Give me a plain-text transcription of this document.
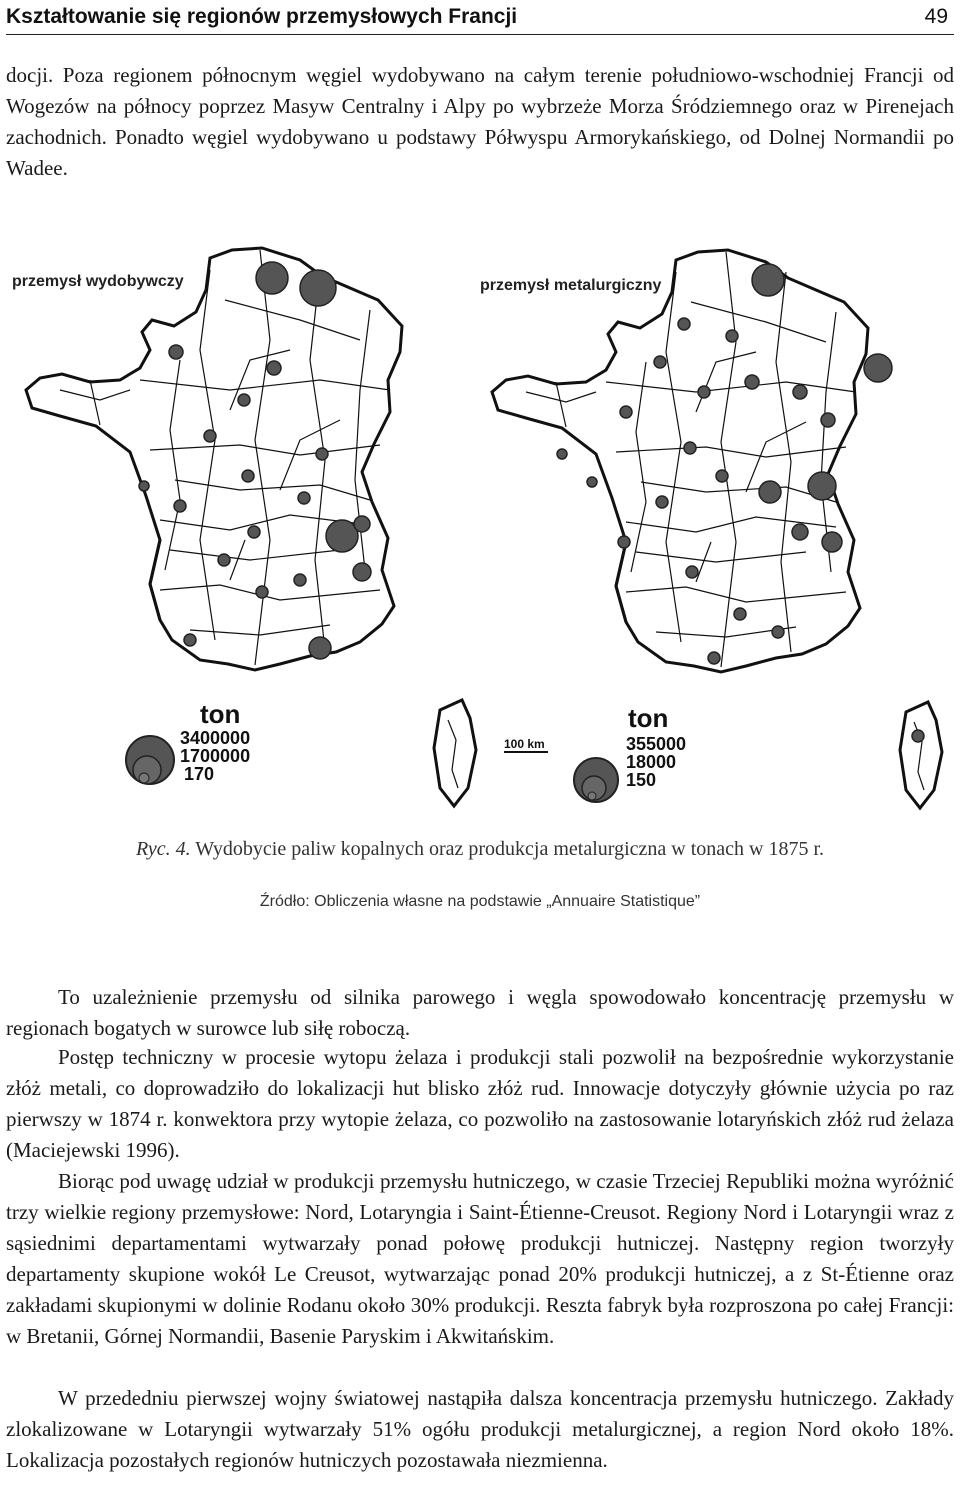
Kształtowanie się regionów przemysłowych Francji	49

docji. Poza regionem północnym węgiel wydobywano na całym terenie południowo-wschodniej Francji od Wogezów na północy poprzez Masyw Centralny i Alpy po wybrzeże Morza Śródziemnego oraz w Pirenejach zachodnich. Ponadto węgiel wydobywano u podstawy Półwyspu Armorykańskiego, od Dolnej Normandii po Wadee.

przemysł wydobywczy
ton
3400000
1700000
170
przemysł metalurgiczny
100 km
ton
355000
18000
150
Ryc. 4. Wydobycie paliw kopalnych oraz produkcja metalurgiczna w tonach w 1875 r.
Źródło: Obliczenia własne na podstawie „Annuaire Statistique”

To uzależnienie przemysłu od silnika parowego i węgla spowodowało koncentrację przemysłu w regionach bogatych w surowce lub siłę roboczą.

Postęp techniczny w procesie wytopu żelaza i produkcji stali pozwolił na bezpośrednie wykorzystanie złóż metali, co doprowadziło do lokalizacji hut blisko złóż rud. Innowacje dotyczyły głównie użycia po raz pierwszy w 1874 r. konwektora przy wytopie żelaza, co pozwoliło na zastosowanie lotaryńskich złóż rud żelaza (Maciejewski 1996).

Biorąc pod uwagę udział w produkcji przemysłu hutniczego, w czasie Trzeciej Republiki można wyróżnić trzy wielkie regiony przemysłowe: Nord, Lotaryngia i Saint-Étienne-Creusot. Regiony Nord i Lotaryngii wraz z sąsiednimi departamentami wytwarzały ponad połowę produkcji hutniczej. Następny region tworzyły departamenty skupione wokół Le Creusot, wytwarzając ponad 20% produkcji hutniczej, a z St-Étienne oraz zakładami skupionymi w dolinie Rodanu około 30% produkcji. Reszta fabryk była rozproszona po całej Francji: w Bretanii, Górnej Normandii, Basenie Paryskim i Akwitańskim.

W przededniu pierwszej wojny światowej nastąpiła dalsza koncentracja przemysłu hutniczego. Zakłady zlokalizowane w Lotaryngii wytwarzały 51% ogółu produkcji metalurgicznej, a region Nord około 18%. Lokalizacja pozostałych regionów hutniczych pozostawała niezmienna.
